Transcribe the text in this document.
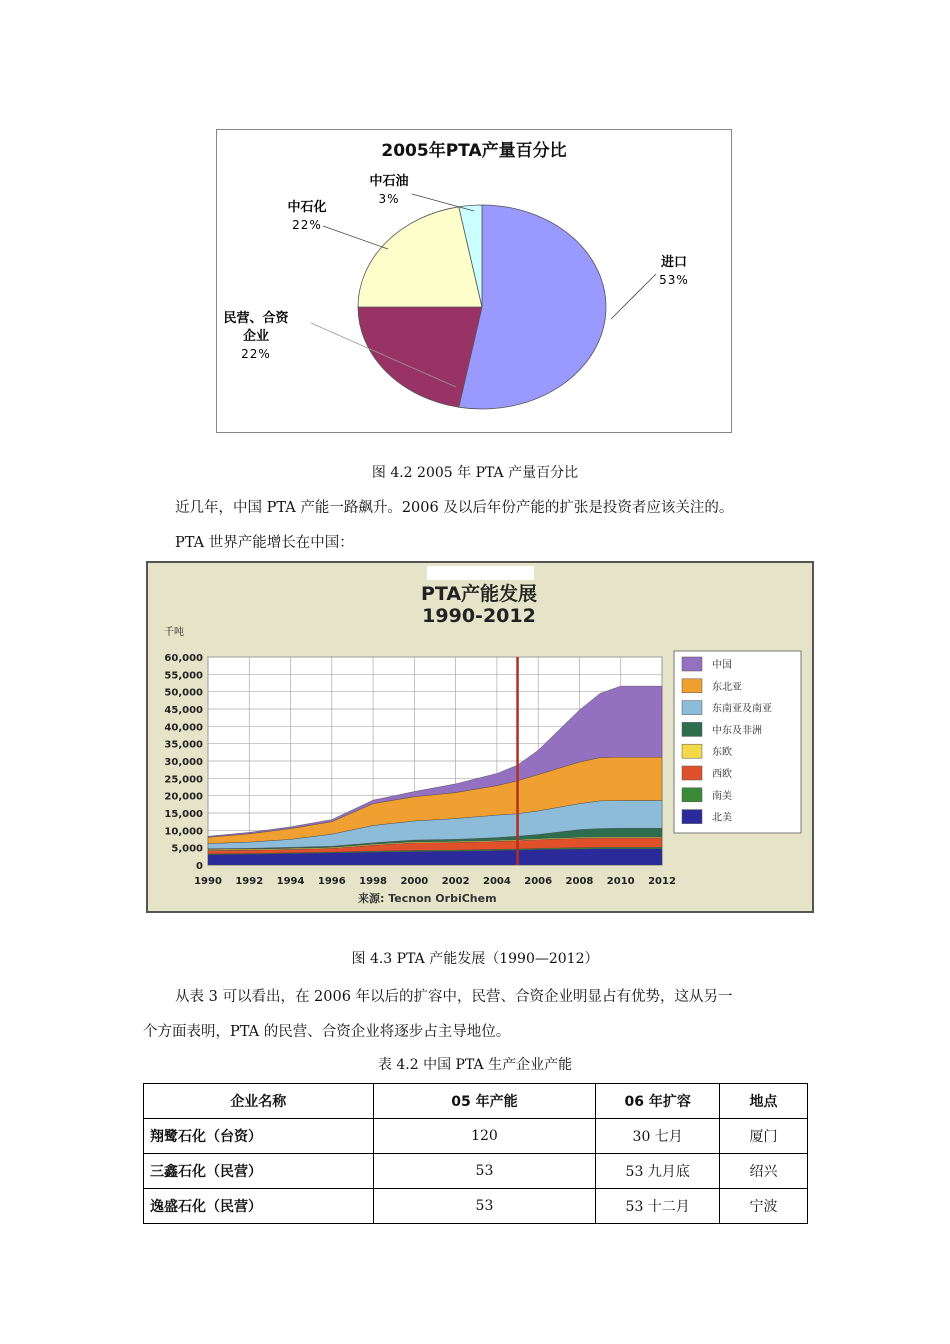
2005年PTA产量百分比
进口
53%
民营、合资
企业
22%
中石化
22%
中石油
3%
图 4.2 2005 年 PTA 产量百分比
近几年，中国 PTA 产能一路飙升。2006 及以后年份产能的扩张是投资者应该关注的。
PTA 世界产能增长在中国：
PTA产能发展
1990-2012
千吨
0
5,000
10,000
15,000
20,000
25,000
30,000
35,000
40,000
45,000
50,000
55,000
60,000
1990 1992 1994 1996 1998 2000 2002 2004 2006 2008 2010 2012
中国
东北亚
东南亚及南亚
中东及非洲
东欧
西欧
南美
北美
来源: Tecnon OrbiChem
图 4.3 PTA 产能发展（1990—2012）
从表 3 可以看出，在 2006 年以后的扩容中，民营、合资企业明显占有优势，这从另一
个方面表明，PTA 的民营、合资企业将逐步占主导地位。
表 4.2 中国 PTA 生产企业产能
企业名称	05 年产能	06 年扩容	地点
翔鹭石化（台资）	120	30 七月	厦门
三鑫石化（民营）	53	53 九月底	绍兴
逸盛石化（民营）	53	53 十二月	宁波
